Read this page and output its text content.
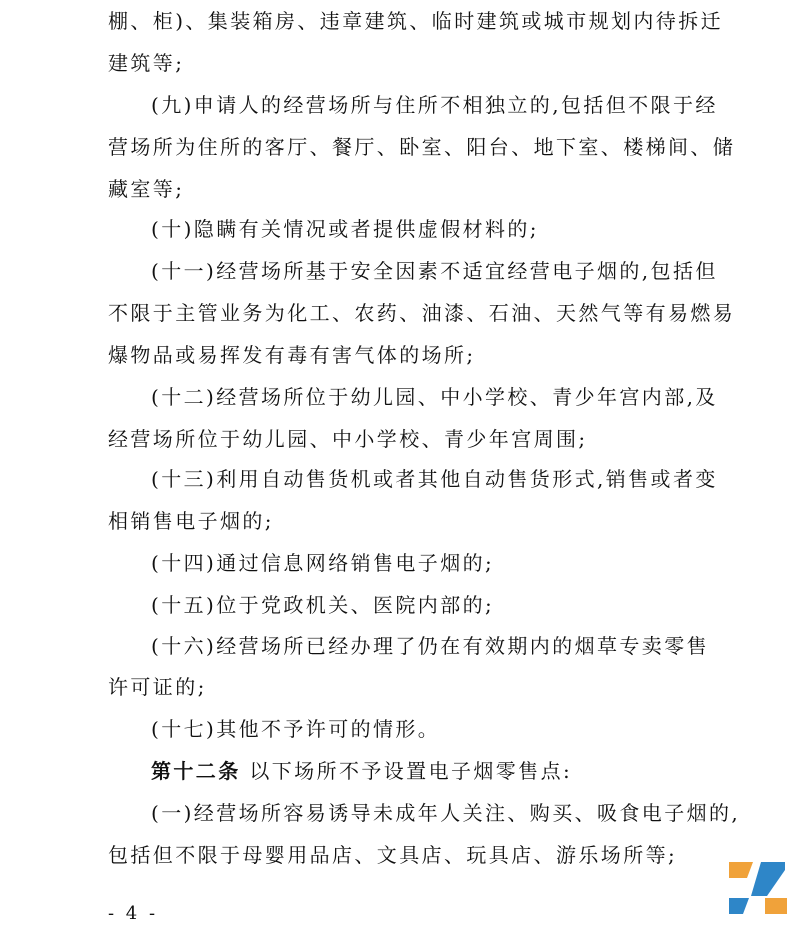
棚、柜)、集装箱房、违章建筑、临时建筑或城市规划内待拆迁
建筑等;
(九)申请人的经营场所与住所不相独立的,包括但不限于经
营场所为住所的客厅、餐厅、卧室、阳台、地下室、楼梯间、储
藏室等;
(十)隐瞒有关情况或者提供虚假材料的;
(十一)经营场所基于安全因素不适宜经营电子烟的,包括但
不限于主管业务为化工、农药、油漆、石油、天然气等有易燃易
爆物品或易挥发有毒有害气体的场所;
(十二)经营场所位于幼儿园、中小学校、青少年宫内部,及
经营场所位于幼儿园、中小学校、青少年宫周围;
(十三)利用自动售货机或者其他自动售货形式,销售或者变
相销售电子烟的;
(十四)通过信息网络销售电子烟的;
(十五)位于党政机关、医院内部的;
(十六)经营场所已经办理了仍在有效期内的烟草专卖零售
许可证的;
(十七)其他不予许可的情形。
第十二条 以下场所不予设置电子烟零售点:
(一)经营场所容易诱导未成年人关注、购买、吸食电子烟的,
包括但不限于母婴用品店、文具店、玩具店、游乐场所等;
- 4 -
